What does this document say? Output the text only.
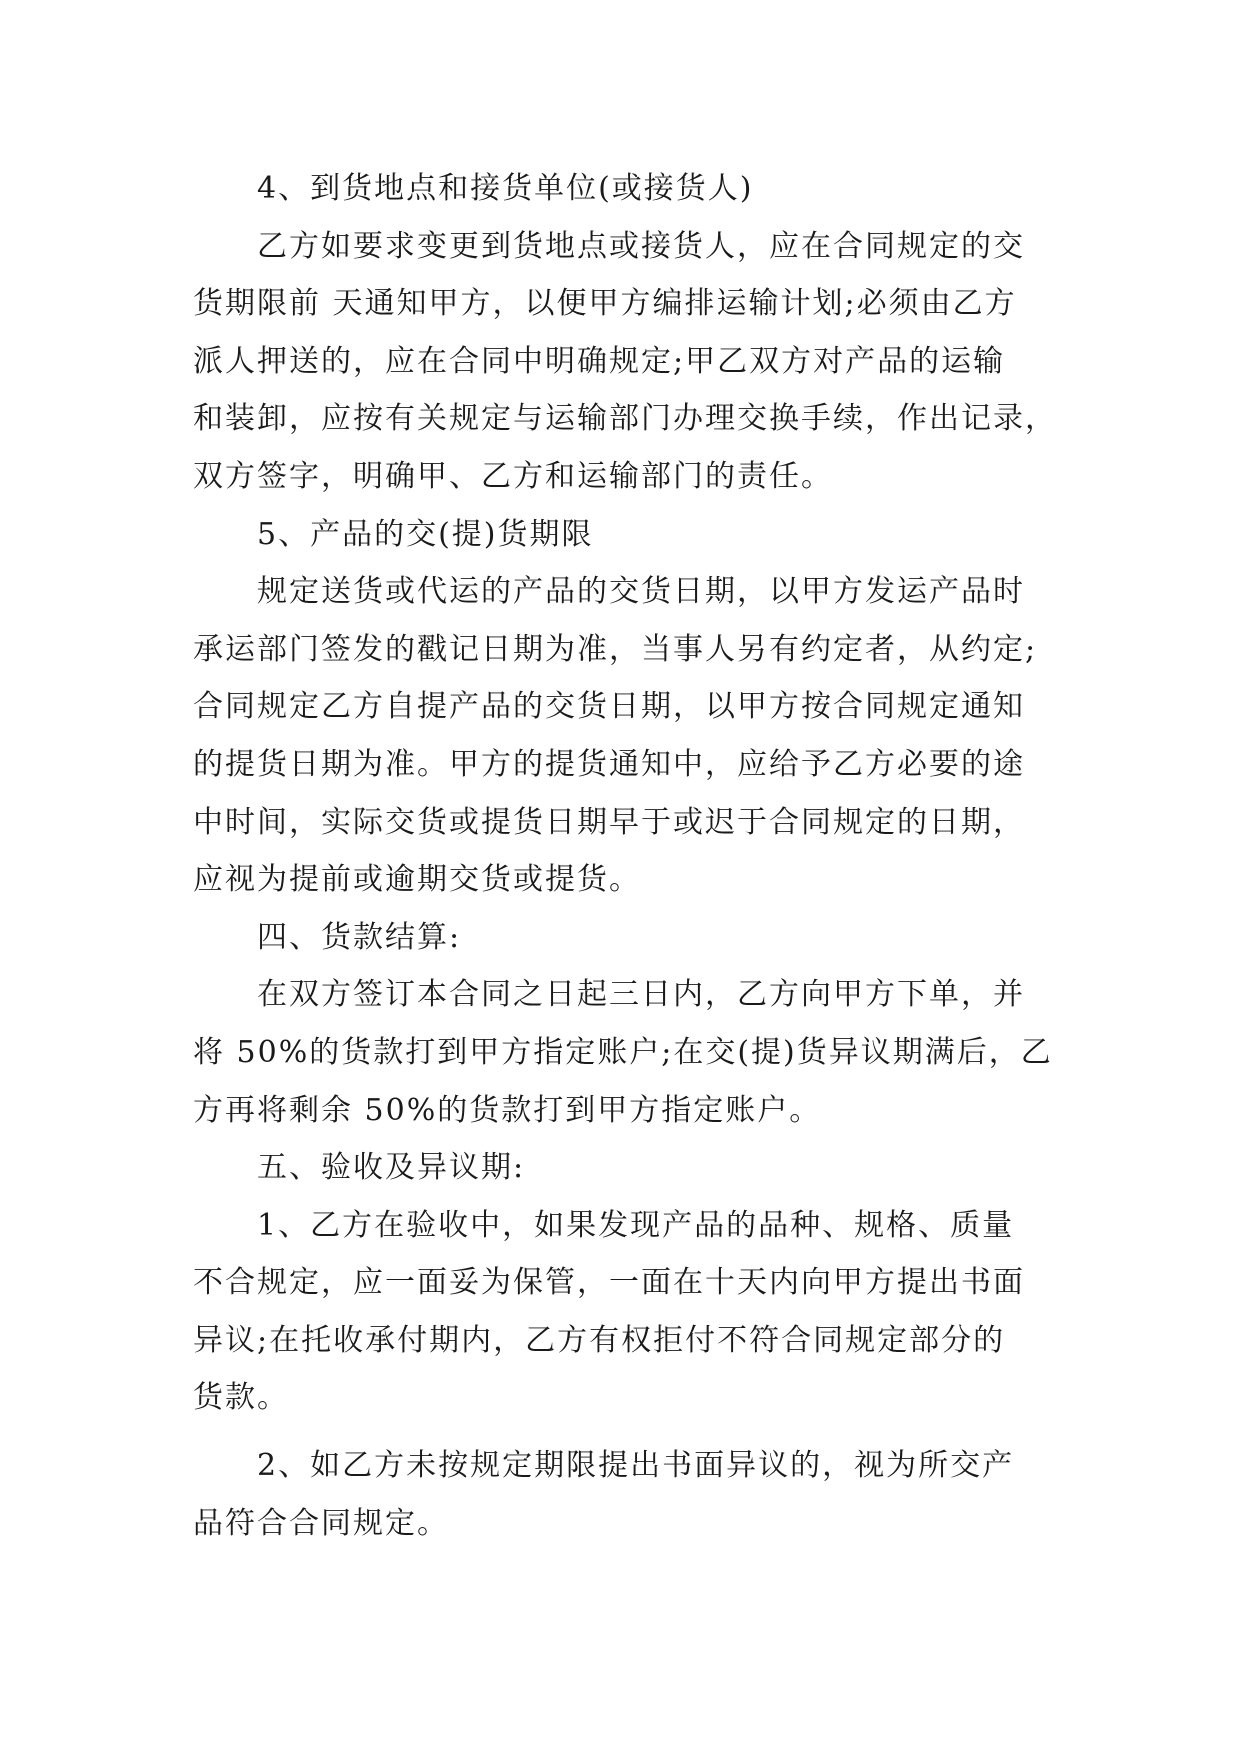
4、到货地点和接货单位(或接货人)
乙方如要求变更到货地点或接货人，应在合同规定的交
货期限前 天通知甲方，以便甲方编排运输计划;必须由乙方
派人押送的，应在合同中明确规定;甲乙双方对产品的运输
和装卸，应按有关规定与运输部门办理交换手续，作出记录，
双方签字，明确甲、乙方和运输部门的责任。
5、产品的交(提)货期限
规定送货或代运的产品的交货日期，以甲方发运产品时
承运部门签发的戳记日期为准，当事人另有约定者，从约定;
合同规定乙方自提产品的交货日期，以甲方按合同规定通知
的提货日期为准。甲方的提货通知中，应给予乙方必要的途
中时间，实际交货或提货日期早于或迟于合同规定的日期，
应视为提前或逾期交货或提货。
四、货款结算:
在双方签订本合同之日起三日内，乙方向甲方下单，并
将 50%的货款打到甲方指定账户;在交(提)货异议期满后，乙
方再将剩余 50%的货款打到甲方指定账户。
五、验收及异议期:
1、乙方在验收中，如果发现产品的品种、规格、质量
不合规定，应一面妥为保管，一面在十天内向甲方提出书面
异议;在托收承付期内，乙方有权拒付不符合同规定部分的
货款。
2、如乙方未按规定期限提出书面异议的，视为所交产
品符合合同规定。
